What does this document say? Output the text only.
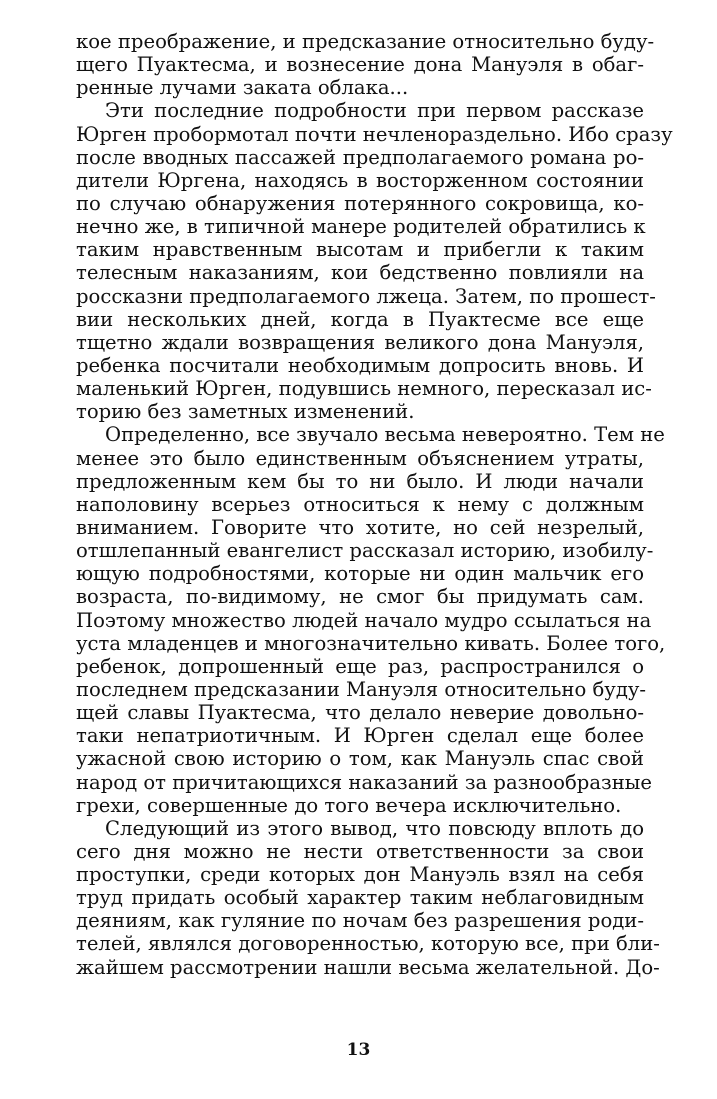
кое преображение, и предсказание относительно буду-
щего Пуактесма, и вознесение дона Мануэля в обаг-
ренные лучами заката облака...
Эти последние подробности при первом рассказе
Юрген пробормотал почти нечленораздельно. Ибо сразу
после вводных пассажей предполагаемого романа ро-
дители Юргена, находясь в восторженном состоянии
по случаю обнаружения потерянного сокровища, ко-
нечно же, в типичной манере родителей обратились к
таким нравственным высотам и прибегли к таким
телесным наказаниям, кои бедственно повлияли на
россказни предполагаемого лжеца. Затем, по прошест-
вии нескольких дней, когда в Пуактесме все еще
тщетно ждали возвращения великого дона Мануэля,
ребенка посчитали необходимым допросить вновь. И
маленький Юрген, подувшись немного, пересказал ис-
торию без заметных изменений.
Определенно, все звучало весьма невероятно. Тем не
менее это было единственным объяснением утраты,
предложенным кем бы то ни было. И люди начали
наполовину всерьез относиться к нему с должным
вниманием. Говорите что хотите, но сей незрелый,
отшлепанный евангелист рассказал историю, изобилу-
ющую подробностями, которые ни один мальчик его
возраста, по-видимому, не смог бы придумать сам.
Поэтому множество людей начало мудро ссылаться на
уста младенцев и многозначительно кивать. Более того,
ребенок, допрошенный еще раз, распространился о
последнем предсказании Мануэля относительно буду-
щей славы Пуактесма, что делало неверие довольно-
таки непатриотичным. И Юрген сделал еще более
ужасной свою историю о том, как Мануэль спас свой
народ от причитающихся наказаний за разнообразные
грехи, совершенные до того вечера исключительно.
Следующий из этого вывод, что повсюду вплоть до
сего дня можно не нести ответственности за свои
проступки, среди которых дон Мануэль взял на себя
труд придать особый характер таким неблаговидным
деяниям, как гуляние по ночам без разрешения роди-
телей, являлся договоренностью, которую все, при бли-
жайшем рассмотрении нашли весьма желательной. До-
13
